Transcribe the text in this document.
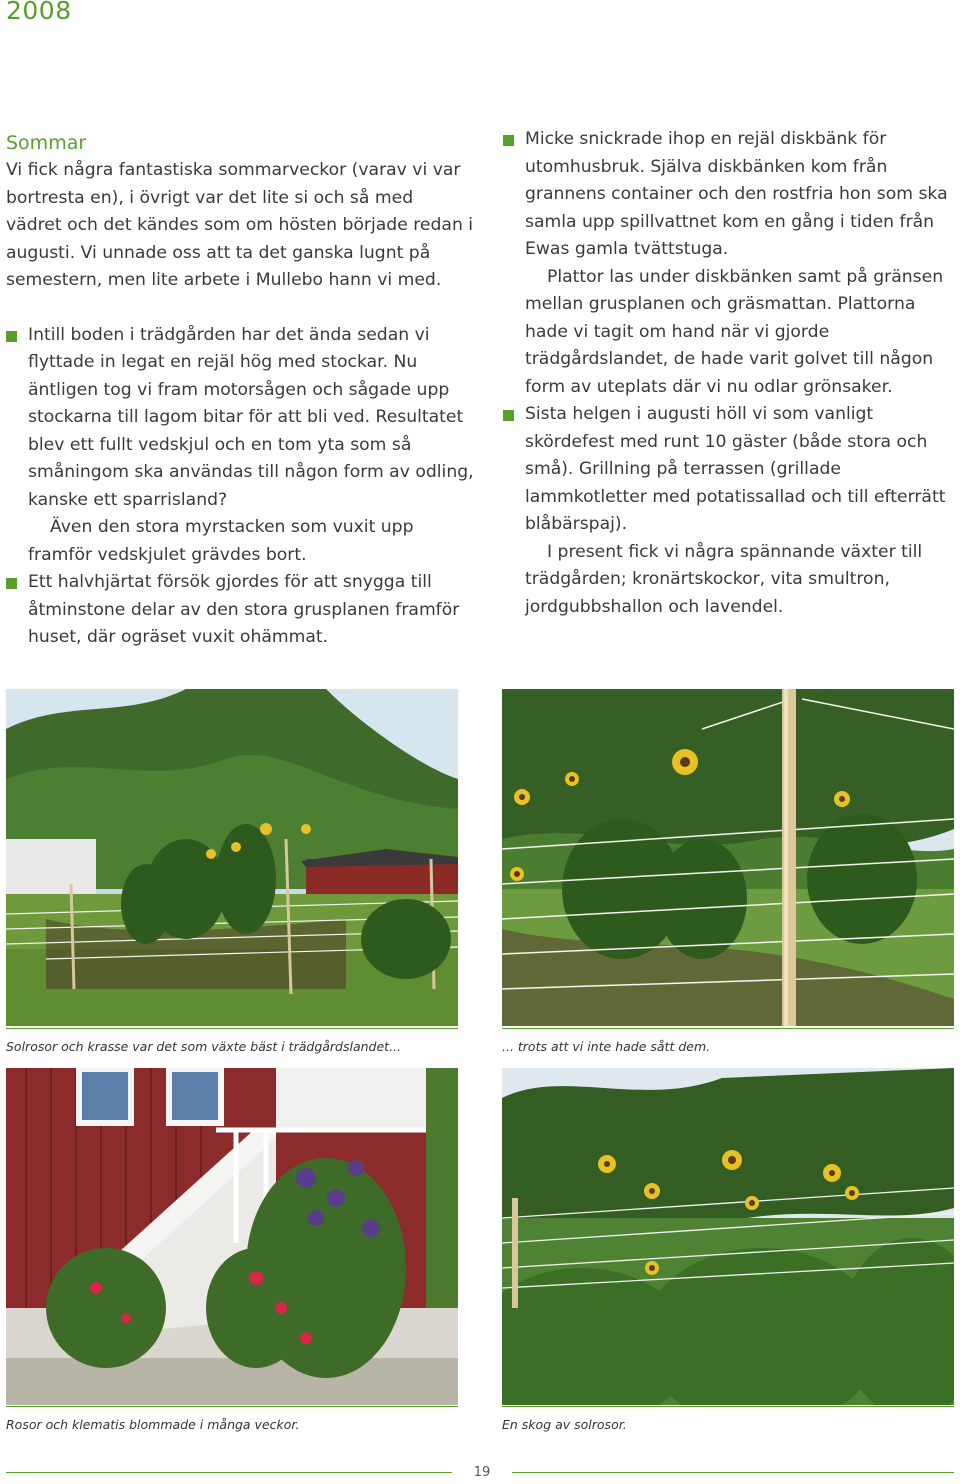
2008
Sommar

Vi fick några fantastiska sommarveckor (varav vi var bortresta en), i övrigt var det lite si och så med vädret och det kändes som om hösten började redan i augusti. Vi unnade oss att ta det ganska lugnt på semestern, men lite arbete i Mullebo hann vi med.

Intill boden i trädgården har det ända sedan vi flyttade in legat en rejäl hög med stockar. Nu äntligen tog vi fram motorsågen och sågade upp stockarna till lagom bitar för att bli ved. Resultatet blev ett fullt vedskjul och en tom yta som så småningom ska användas till någon form av odling, kanske ett sparrisland?

Även den stora myrstacken som vuxit upp framför vedskjulet grävdes bort.

Ett halvhjärtat försök gjordes för att snygga till åtminstone delar av den stora grusplanen framför huset, där ogräset vuxit ohämmat.

Micke snickrade ihop en rejäl diskbänk för utomhusbruk. Själva diskbänken kom från grannens container och den rostfria hon som ska samla upp spillvattnet kom en gång i tiden från Ewas gamla tvättstuga.

Plattor las under diskbänken samt på gränsen mellan grusplanen och gräsmattan. Plattorna hade vi tagit om hand när vi gjorde trädgårdslandet, de hade varit golvet till någon form av uteplats där vi nu odlar grönsaker.

Sista helgen i augusti höll vi som vanligt skördefest med runt 10 gäster (både stora och små). Grillning på terrassen (grillade lammkotletter med potatissallad och till efterrätt blåbärspaj).

I present fick vi några spännande växter till trädgården; kronärtskockor, vita smultron, jordgubbshallon och lavendel.

Solrosor och krasse var det som växte bäst i trädgårdslandet...	... trots att vi inte hade sått dem.
Rosor och klematis blommade i många veckor.	En skog av solrosor.
19
